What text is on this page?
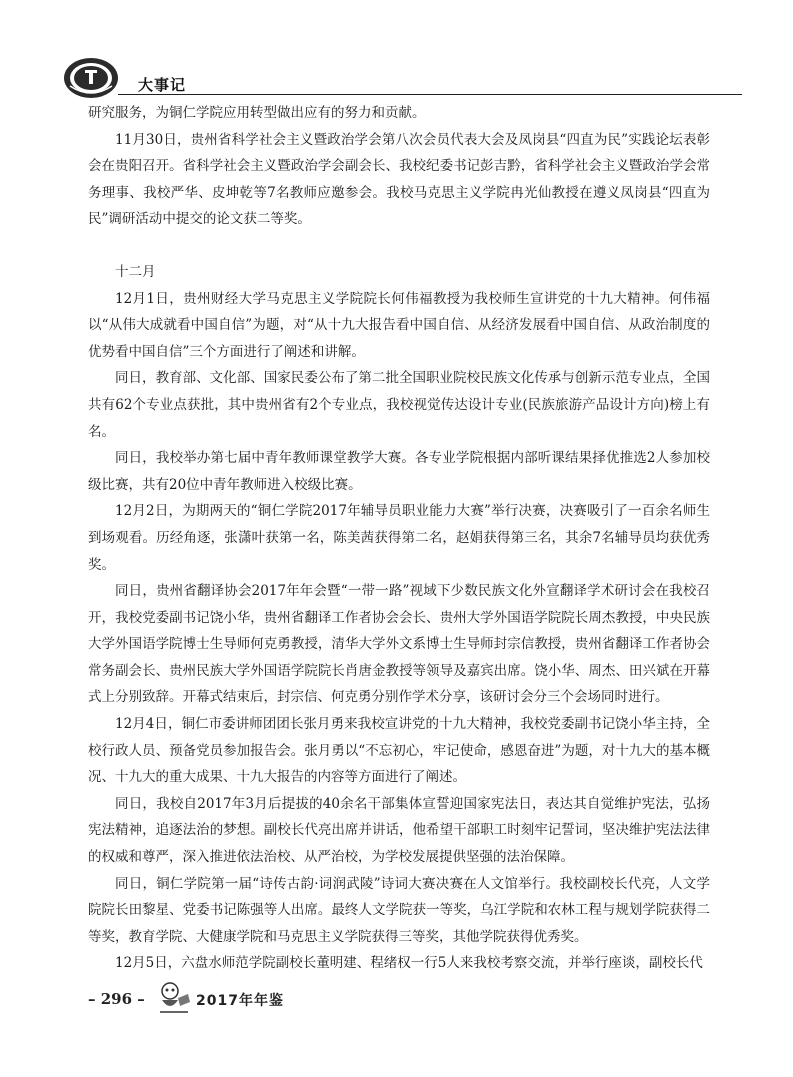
大事记

研究服务，为铜仁学院应用转型做出应有的努力和贡献。

11月30日，贵州省科学社会主义暨政治学会第八次会员代表大会及凤岗县“四直为民”实践论坛表彰会在贵阳召开。省科学社会主义暨政治学会副会长、我校纪委书记彭吉黔，省科学社会主义暨政治学会常务理事、我校严华、皮坤乾等7名教师应邀参会。我校马克思主义学院冉光仙教授在遵义凤岗县“四直为民”调研活动中提交的论文获二等奖。

十二月

12月1日，贵州财经大学马克思主义学院院长何伟福教授为我校师生宣讲党的十九大精神。何伟福以“从伟大成就看中国自信”为题，对“从十九大报告看中国自信、从经济发展看中国自信、从政治制度的优势看中国自信”三个方面进行了阐述和讲解。

同日，教育部、文化部、国家民委公布了第二批全国职业院校民族文化传承与创新示范专业点，全国共有62个专业点获批，其中贵州省有2个专业点，我校视觉传达设计专业(民族旅游产品设计方向)榜上有名。

同日，我校举办第七届中青年教师课堂教学大赛。各专业学院根据内部听课结果择优推选2人参加校级比赛，共有20位中青年教师进入校级比赛。

12月2日，为期两天的“铜仁学院2017年辅导员职业能力大赛”举行决赛，决赛吸引了一百余名师生到场观看。历经角逐，张潇叶获第一名，陈美茜获得第二名，赵娟获得第三名，其余7名辅导员均获优秀奖。

同日，贵州省翻译协会2017年年会暨“一带一路”视域下少数民族文化外宣翻译学术研讨会在我校召开，我校党委副书记饶小华，贵州省翻译工作者协会会长、贵州大学外国语学院院长周杰教授，中央民族大学外国语学院博士生导师何克勇教授，清华大学外文系博士生导师封宗信教授，贵州省翻译工作者协会常务副会长、贵州民族大学外国语学院院长肖唐金教授等领导及嘉宾出席。饶小华、周杰、田兴斌在开幕式上分别致辞。开幕式结束后，封宗信、何克勇分别作学术分享，该研讨会分三个会场同时进行。

12月4日，铜仁市委讲师团团长张月勇来我校宣讲党的十九大精神，我校党委副书记饶小华主持，全校行政人员、预备党员参加报告会。张月勇以“不忘初心，牢记使命，感恩奋进”为题，对十九大的基本概况、十九大的重大成果、十九大报告的内容等方面进行了阐述。

同日，我校自2017年3月后提拔的40余名干部集体宣誓迎国家宪法日，表达其自觉维护宪法，弘扬宪法精神，追逐法治的梦想。副校长代亮出席并讲话，他希望干部职工时刻牢记誓词，坚决维护宪法法律的权威和尊严，深入推进依法治校、从严治校，为学校发展提供坚强的法治保障。

同日，铜仁学院第一届“诗传古韵·词润武陵”诗词大赛决赛在人文馆举行。我校副校长代亮，人文学院院长田黎星、党委书记陈强等人出席。最终人文学院获一等奖，乌江学院和农林工程与规划学院获得二等奖，教育学院、大健康学院和马克思主义学院获得三等奖，其他学院获得优秀奖。

12月5日，六盘水师范学院副校长董明建、程绪权一行5人来我校考察交流，并举行座谈，副校长代

– 296 –	2017年年鉴
